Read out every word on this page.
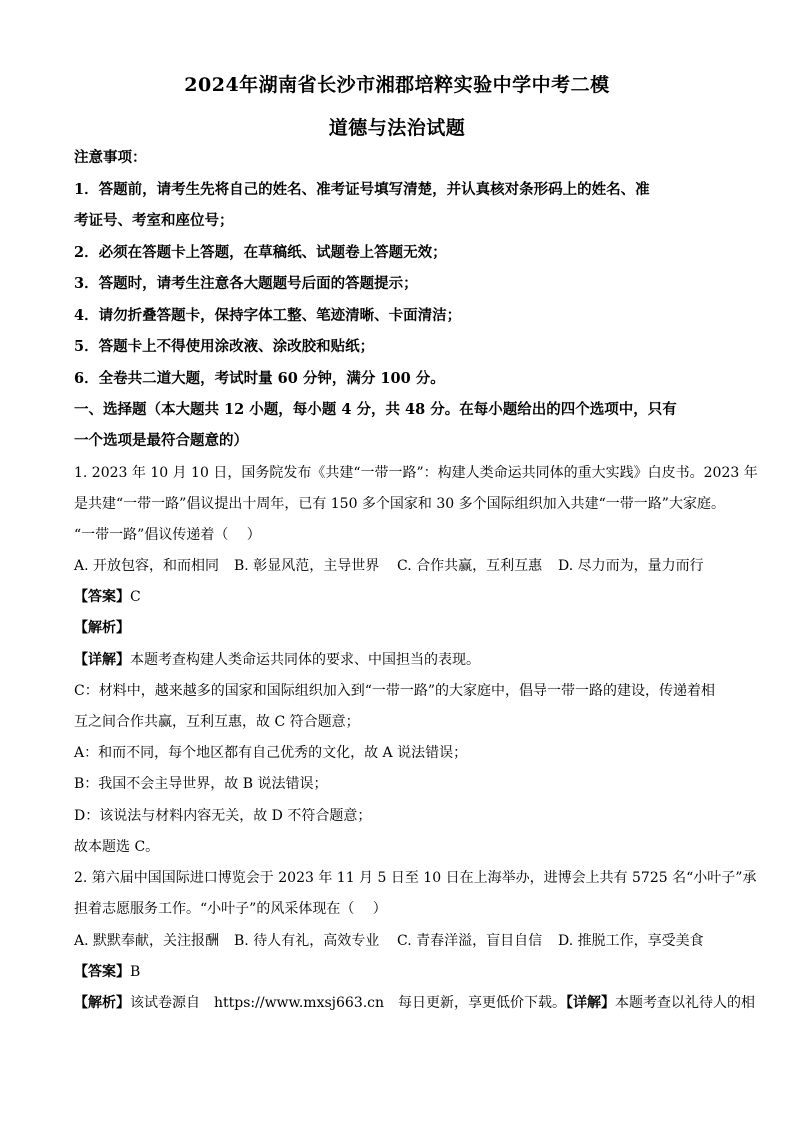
2024年湖南省长沙市湘郡培粹实验中学中考二模
道德与法治试题
注意事项：
1．答题前，请考生先将自己的姓名、准考证号填写清楚，并认真核对条形码上的姓名、准
考证号、考室和座位号；
2．必须在答题卡上答题，在草稿纸、试题卷上答题无效；
3．答题时，请考生注意各大题题号后面的答题提示；
4．请勿折叠答题卡，保持字体工整、笔迹清晰、卡面清洁；
5．答题卡上不得使用涂改液、涂改胶和贴纸；
6．全卷共二道大题，考试时量 60 分钟，满分 100 分。
一、选择题（本大题共 12 小题，每小题 4 分，共 48 分。在每小题给出的四个选项中，只有
一个选项是最符合题意的）
1. 2023 年 10 月 10 日，国务院发布《共建“一带一路”：构建人类命运共同体的重大实践》白皮书。2023 年
是共建“一带一路”倡议提出十周年，已有 150 多个国家和 30 多个国际组织加入共建“一带一路”大家庭。
“一带一路”倡议传递着（　 ）
A. 开放包容，和而相同 B. 彰显风范，主导世界 C. 合作共赢，互利互惠 D. 尽力而为，量力而行
【答案】C
【解析】
【详解】本题考查构建人类命运共同体的要求、中国担当的表现。
C：材料中，越来越多的国家和国际组织加入到“一带一路”的大家庭中，倡导一带一路的建设，传递着相
互之间合作共赢，互利互惠，故 C 符合题意；
A：和而不同，每个地区都有自己优秀的文化，故 A 说法错误；
B：我国不会主导世界，故 B 说法错误；
D：该说法与材料内容无关，故 D 不符合题意；
故本题选 C。
2. 第六届中国国际进口博览会于 2023 年 11 月 5 日至 10 日在上海举办，进博会上共有 5725 名“小叶子”承
担着志愿服务工作。“小叶子”的风采体现在（　 ）
A. 默默奉献，关注报酬 B. 待人有礼，高效专业 C. 青春洋溢，盲目自信 D. 推脱工作，享受美食
【答案】B
【解析】该试卷源自　https://www.mxsj663.cn　每日更新，享更低价下载。【详解】本题考查以礼待人的相
